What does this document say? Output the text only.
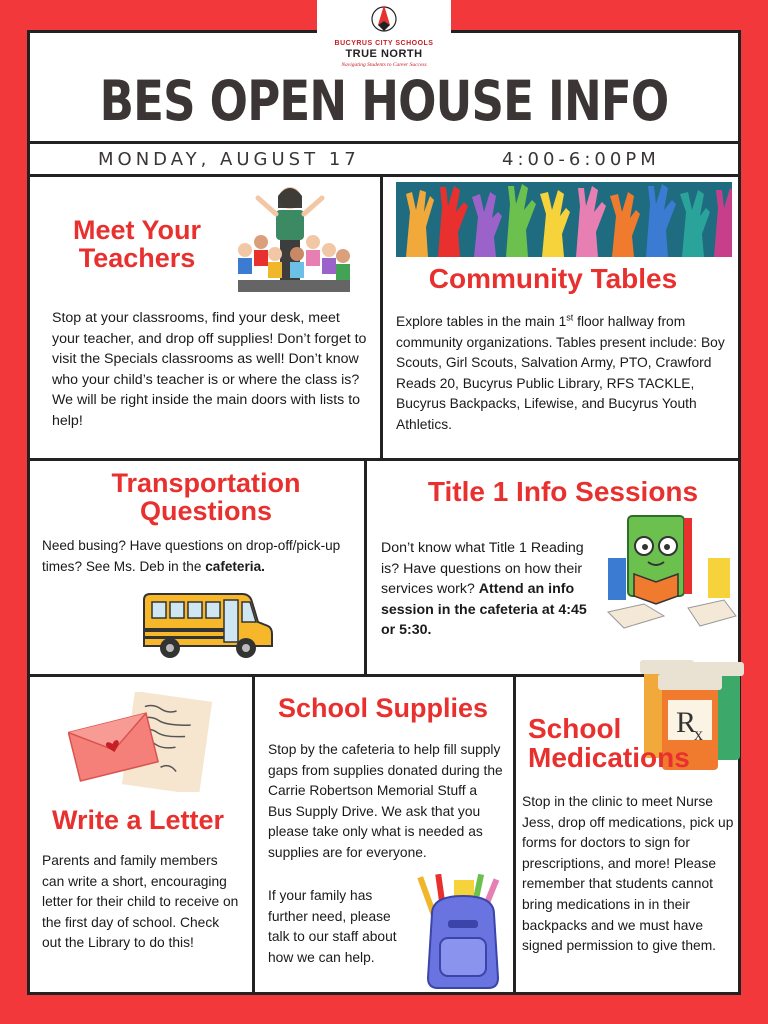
BUCYRUS CITY SCHOOLS
TRUE NORTH
Navigating Students to Career Success
BES OPEN HOUSE INFO
MONDAY, AUGUST 17	4:00-6:00PM
Meet Your
Teachers
Stop at your classrooms, find your desk, meet your teacher, and drop off supplies! Don’t forget to visit the Specials classrooms as well! Don’t know who your child’s teacher is or where the class is? We will be right inside the main doors with lists to help!
Community Tables
Explore tables in the main 1st floor hallway from community organizations. Tables present include: Boy Scouts, Girl Scouts, Salvation Army, PTO, Crawford Reads 20, Bucyrus Public Library, RFS TACKLE, Bucyrus Backpacks, Lifewise, and Bucyrus Youth Athletics.
Transportation
Questions
Need busing? Have questions on drop-off/pick-up times? See Ms. Deb in the cafeteria.
Title 1 Info Sessions
Don’t know what Title 1 Reading is? Have questions on how their services work? Attend an info session in the cafeteria at 4:45 or 5:30.
Write a Letter
Parents and family members can write a short, encouraging letter for their child to receive on the first day of school. Check out the Library to do this!
School Supplies
Stop by the cafeteria to help fill supply gaps from supplies donated during the Carrie Robertson Memorial Stuff a Bus Supply Drive. We ask that you please take only what is needed as supplies are for everyone.
If your family has further need, please talk to our staff about how we can help.
R
x
School
Medications
Stop in the clinic to meet Nurse Jess, drop off medications, pick up forms for doctors to sign for prescriptions, and more! Please remember that students cannot bring medications in in their backpacks and we must have signed permission to give them.
